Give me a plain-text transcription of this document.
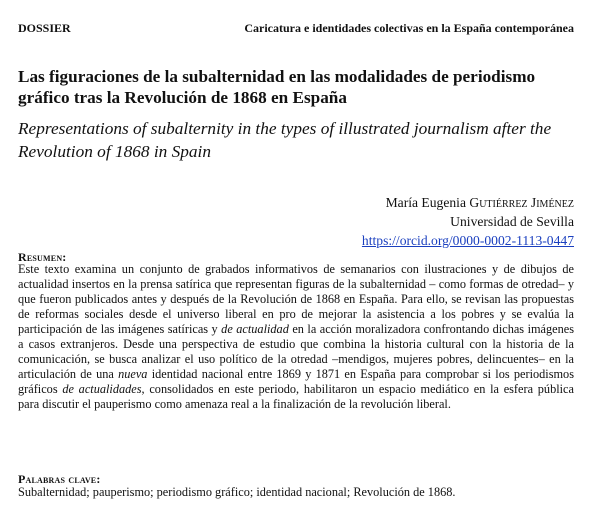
DOSSIER	Caricatura e identidades colectivas en la España contemporánea
Las figuraciones de la subalternidad en las modalidades de periodismo gráfico tras la Revolución de 1868 en España
Representations of subalternity in the types of illustrated journalism after the Revolution of 1868 in Spain
María Eugenia Gutiérrez Jiménez
Universidad de Sevilla
https://orcid.org/0000-0002-1113-0447
Resumen:
Este texto examina un conjunto de grabados informativos de semanarios con ilustraciones y de dibujos de actualidad insertos en la prensa satírica que representan figuras de la subalternidad – como formas de otredad– y que fueron publicados antes y después de la Revolución de 1868 en España. Para ello, se revisan las propuestas de reformas sociales desde el universo liberal en pro de mejorar la asistencia a los pobres y se evalúa la participación de las imágenes satíricas y de actualidad en la acción moralizadora confrontando dichas imágenes a casos extranjeros. Desde una perspectiva de estudio que combina la historia cultural con la historia de la comunicación, se busca analizar el uso político de la otredad –mendigos, mujeres pobres, delincuentes– en la articulación de una nueva identidad nacional entre 1869 y 1871 en España para comprobar si los periodismos gráficos de actualidades, consolidados en este periodo, habilitaron un espacio mediático en la esfera pública para discutir el pauperismo como amenaza real a la finalización de la revolución liberal.
Palabras clave:
Subalternidad; pauperismo; periodismo gráfico; identidad nacional; Revolución de 1868.
